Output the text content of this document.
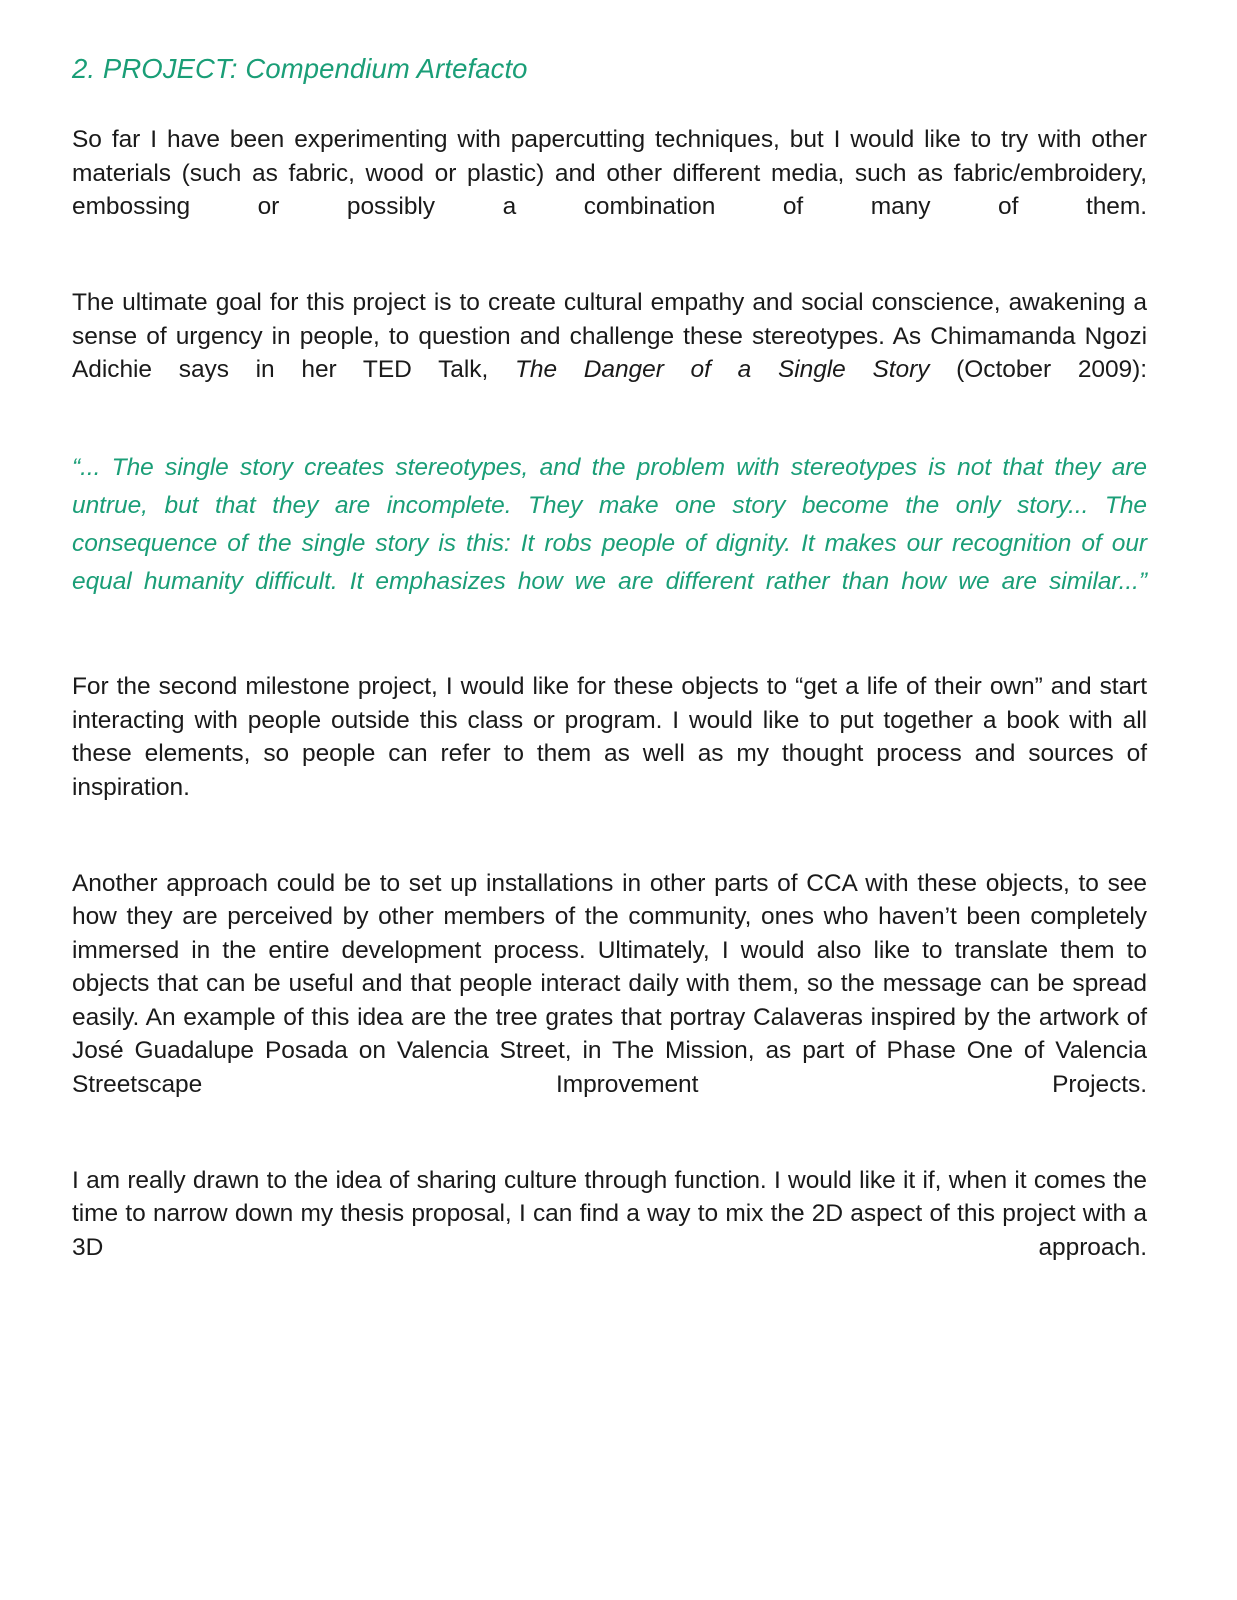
2. PROJECT: Compendium Artefacto

So far I have been experimenting with papercutting techniques, but I would like to try with other materials (such as fabric, wood or plastic) and other different media, such as fabric/embroidery, embossing or possibly a combination of many of them.

The ultimate goal for this project is to create cultural empathy and social conscience, awakening a sense of urgency in people, to question and challenge these stereotypes. As Chimamanda Ngozi Adichie says in her TED Talk, The Danger of a Single Story (October 2009):

“... The single story creates stereotypes, and the problem with stereotypes is not that they are untrue, but that they are incomplete. They make one story become the only story... The consequence of the single story is this: It robs people of dignity. It makes our recognition of our equal humanity difficult. It emphasizes how we are different rather than how we are similar...”

For the second milestone project, I would like for these objects to “get a life of their own” and start interacting with people outside this class or program. I would like to put together a book with all these elements, so people can refer to them as well as my thought process and sources of inspiration.

Another approach could be to set up installations in other parts of CCA with these objects, to see how they are perceived by other members of the community, ones who haven’t been completely immersed in the entire development process. Ultimately, I would also like to translate them to objects that can be useful and that people interact daily with them, so the message can be spread easily. An example of this idea are the tree grates that portray Calaveras inspired by the artwork of José Guadalupe Posada on Valencia Street, in The Mission, as part of Phase One of Valencia Streetscape Improvement Projects.

I am really drawn to the idea of sharing culture through function. I would like it if, when it comes the time to narrow down my thesis proposal, I can find a way to mix the 2D aspect of this project with a 3D approach.
